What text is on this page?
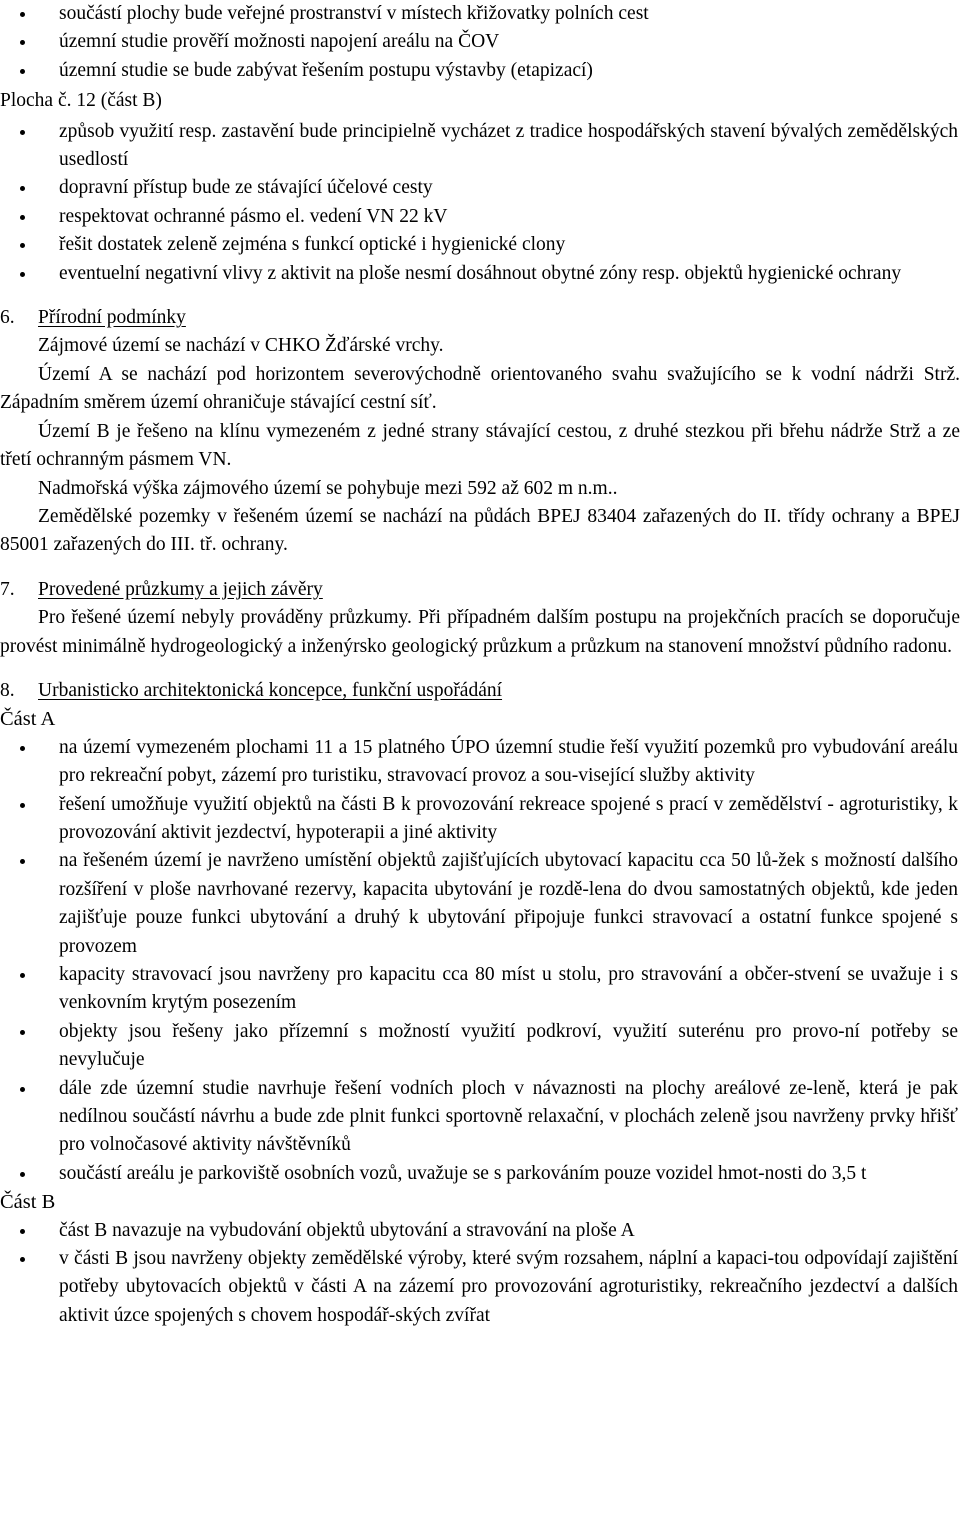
součástí plochy bude veřejné prostranství v místech křižovatky polních cest
územní studie prověří možnosti napojení areálu na ČOV
územní studie se bude zabývat řešením postupu výstavby (etapizací)

Plocha č. 12 (část B)

způsob využití resp. zastavění bude principielně vycházet z tradice hospodářských stavení bývalých zemědělských usedlostí
dopravní přístup bude ze stávající účelové cesty
respektovat ochranné pásmo el. vedení VN 22 kV
řešit dostatek zeleně zejména s funkcí optické i hygienické clony
eventuelní negativní vlivy z aktivit na ploše nesmí dosáhnout obytné zóny resp. objektů hygienické ochrany

6. Přírodní podmínky

Zájmové území se nachází v CHKO Žďárské vrchy.

Území A se nachází pod horizontem severovýchodně orientovaného svahu svažujícího se k vodní nádrži Strž. Západním směrem území ohraničuje stávající cestní síť.

Území B je řešeno na klínu vymezeném z jedné strany stávající cestou, z druhé stezkou při břehu nádrže Strž a ze třetí ochranným pásmem VN.

Nadmořská výška zájmového území se pohybuje mezi 592 až 602 m n.m..

Zemědělské pozemky v řešeném území se nachází na půdách BPEJ 83404 zařazených do II. třídy ochrany a BPEJ 85001 zařazených do III. tř. ochrany.

7. Provedené průzkumy a jejich závěry

Pro řešené území nebyly prováděny průzkumy. Při případném dalším postupu na projekčních pracích se doporučuje provést minimálně hydrogeologický a inženýrsko geologický průzkum a průzkum na stanovení množství půdního radonu.

8. Urbanisticko architektonická koncepce, funkční uspořádání

Část A

na území vymezeném plochami 11 a 15 platného ÚPO územní studie řeší využití pozemků pro vybudování areálu pro rekreační pobyt, zázemí pro turistiku, stravovací provoz a sou-visející služby aktivity
řešení umožňuje využití objektů na části B k provozování rekreace spojené s prací v zemědělství - agroturistiky, k provozování aktivit jezdectví, hypoterapii a jiné aktivity
na řešeném území je navrženo umístění objektů zajišťujících ubytovací kapacitu cca 50 lů-žek s možností dalšího rozšíření v ploše navrhované rezervy, kapacita ubytování je rozdě-lena do dvou samostatných objektů, kde jeden zajišťuje pouze funkci ubytování a druhý k ubytování připojuje funkci stravovací a ostatní funkce spojené s provozem
kapacity stravovací jsou navrženy pro kapacitu cca 80 míst u stolu, pro stravování a občer-stvení se uvažuje i s venkovním krytým posezením
objekty jsou řešeny jako přízemní s možností využití podkroví, využití suterénu pro provo-ní potřeby se nevylučuje
dále zde územní studie navrhuje řešení vodních ploch v návaznosti na plochy areálové ze-leně, která je pak nedílnou součástí návrhu a bude zde plnit funkci sportovně relaxační, v plochách zeleně jsou navrženy prvky hřišť pro volnočasové aktivity návštěvníků
součástí areálu je parkoviště osobních vozů, uvažuje se s parkováním pouze vozidel hmot-nosti do 3,5 t

Část B

část B navazuje na vybudování objektů ubytování a stravování na ploše A
v části B jsou navrženy objekty zemědělské výroby, které svým rozsahem, náplní a kapaci-tou odpovídají zajištění potřeby ubytovacích objektů v části A na zázemí pro provozování agroturistiky, rekreačního jezdectví a dalších aktivit úzce spojených s chovem hospodář-ských zvířat
